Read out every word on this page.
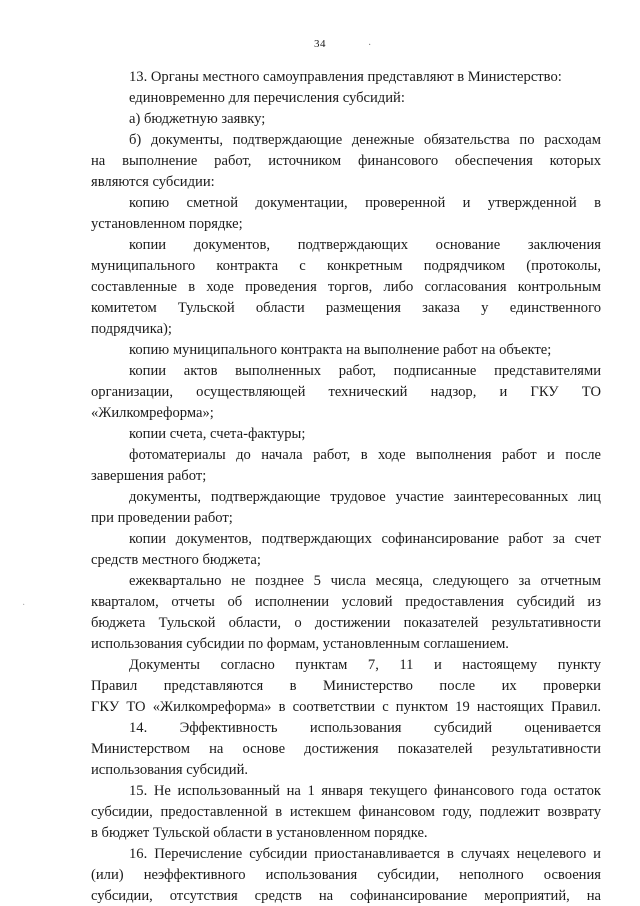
34	·
13. Органы местного самоуправления представляют в Министерство:
единовременно для перечисления субсидий:
а) бюджетную заявку;
б) документы, подтверждающие денежные обязательства по расходам
на выполнение работ, источником финансового обеспечения которых
являются субсидии:
копию сметной документации, проверенной и утвержденной в
установленном порядке;
копии документов, подтверждающих основание заключения
муниципального контракта с конкретным подрядчиком (протоколы,
составленные в ходе проведения торгов, либо согласования контрольным
комитетом Тульской области размещения заказа у единственного
подрядчика);
копию муниципального контракта на выполнение работ на объекте;
копии актов выполненных работ, подписанные представителями
организации, осуществляющей технический надзор, и ГКУ ТО
«Жилкомреформа»;
копии счета, счета-фактуры;
фотоматериалы до начала работ, в ходе выполнения работ и после
завершения работ;
документы, подтверждающие трудовое участие заинтересованных лиц
при проведении работ;
копии документов, подтверждающих софинансирование работ за счет
средств местного бюджета;
ежеквартально не позднее 5 числа месяца, следующего за отчетным
кварталом, отчеты об исполнении условий предоставления субсидий из
бюджета Тульской области, о достижении показателей результативности
использования субсидии по формам, установленным соглашением.
Документы согласно пунктам 7, 11 и настоящему пункту
Правил представляются в Министерство после их проверки
ГКУ ТО «Жилкомреформа» в соответствии с пунктом 19 настоящих Правил.
14. Эффективность использования субсидий оценивается
Министерством на основе достижения показателей результативности
использования субсидий.
15. Не использованный на 1 января текущего финансового года остаток
субсидии, предоставленной в истекшем финансовом году, подлежит возврату
в бюджет Тульской области в установленном порядке.
16. Перечисление субсидии приостанавливается в случаях нецелевого и
(или) неэффективного использования субсидии, неполного освоения
субсидии, отсутствия средств на софинансирование мероприятий, на
·
